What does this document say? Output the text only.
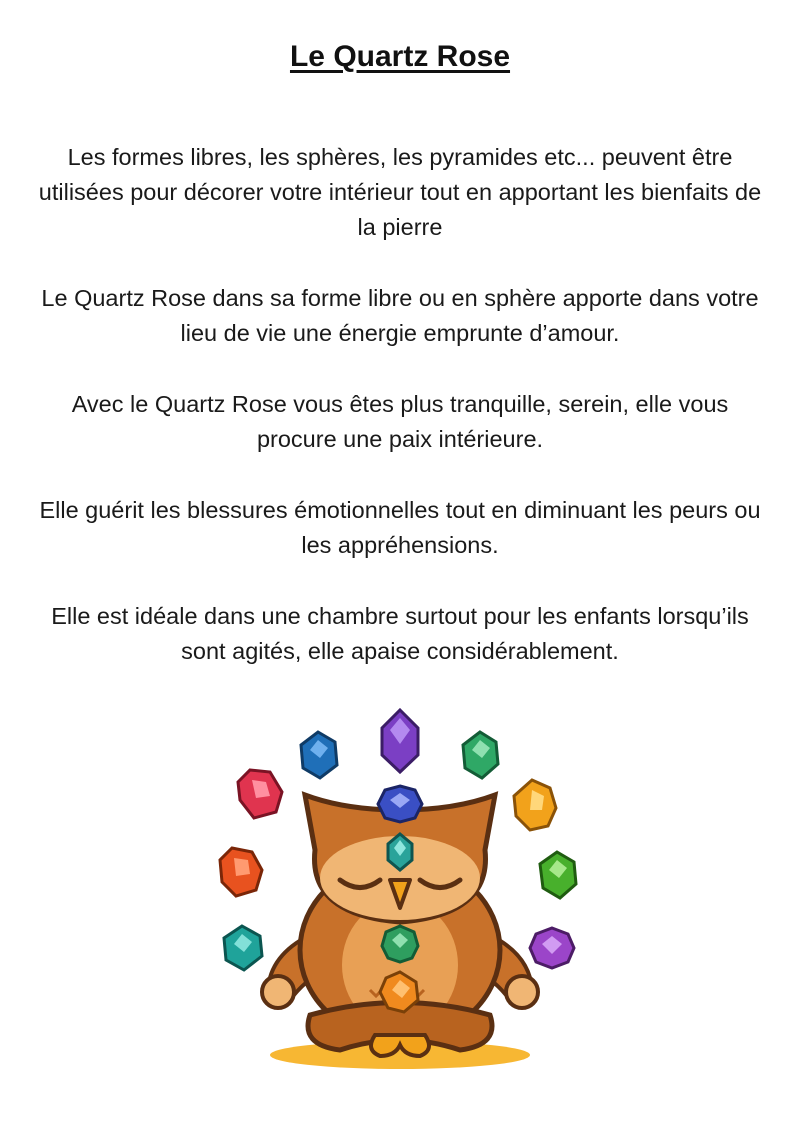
Le Quartz Rose

Les formes libres, les sphères, les pyramides etc... peuvent être utilisées pour décorer votre intérieur tout en apportant les bienfaits de la pierre

Le Quartz Rose dans sa forme libre ou en sphère apporte dans votre lieu de vie une énergie emprunte d’amour.

Avec le Quartz Rose vous êtes plus tranquille, serein, elle vous procure une paix intérieure.

Elle guérit les blessures émotionnelles tout en diminuant les peurs ou les appréhensions.

Elle est idéale dans une chambre surtout pour les enfants lorsqu’ils sont agités, elle apaise considérablement.
